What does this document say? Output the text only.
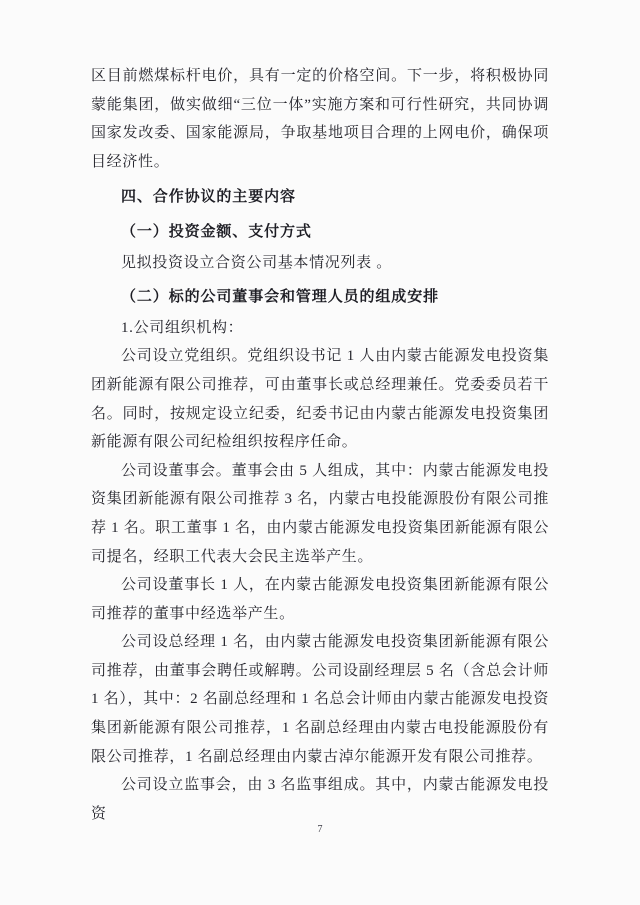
区目前燃煤标杆电价，具有一定的价格空间。下一步，将积极协同蒙能集团，做实做细“三位一体”实施方案和可行性研究，共同协调国家发改委、国家能源局，争取基地项目合理的上网电价，确保项目经济性。

四、合作协议的主要内容

（一）投资金额、支付方式

见拟投资设立合资公司基本情况列表 。

（二）标的公司董事会和管理人员的组成安排

1.公司组织机构：

公司设立党组织。党组织设书记 1 人由内蒙古能源发电投资集团新能源有限公司推荐，可由董事长或总经理兼任。党委委员若干名。同时，按规定设立纪委，纪委书记由内蒙古能源发电投资集团新能源有限公司纪检组织按程序任命。

公司设董事会。董事会由 5 人组成，其中：内蒙古能源发电投资集团新能源有限公司推荐 3 名，内蒙古电投能源股份有限公司推荐 1 名。职工董事 1 名，由内蒙古能源发电投资集团新能源有限公司提名，经职工代表大会民主选举产生。

公司设董事长 1 人，在内蒙古能源发电投资集团新能源有限公司推荐的董事中经选举产生。

公司设总经理 1 名，由内蒙古能源发电投资集团新能源有限公司推荐，由董事会聘任或解聘。公司设副经理层 5 名（含总会计师 1 名），其中：2 名副总经理和 1 名总会计师由内蒙古能源发电投资集团新能源有限公司推荐，1 名副总经理由内蒙古电投能源股份有限公司推荐，1 名副总经理由内蒙古淖尔能源开发有限公司推荐。

公司设立监事会，由 3 名监事组成。其中，内蒙古能源发电投资

7
